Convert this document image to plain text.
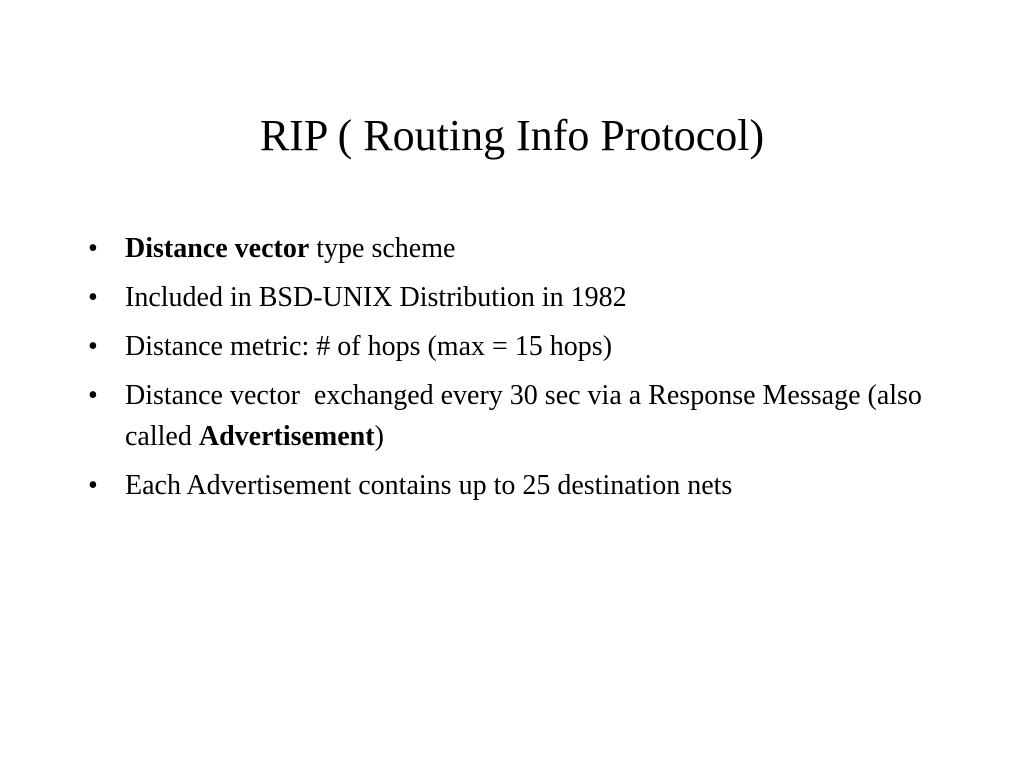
RIP ( Routing Info Protocol)
• Distance vector type scheme
• Included in BSD-UNIX Distribution in 1982
• Distance metric: # of hops (max = 15 hops)
• Distance vector  exchanged every 30 sec via a Response Message (also called Advertisement)
• Each Advertisement contains up to 25 destination nets
